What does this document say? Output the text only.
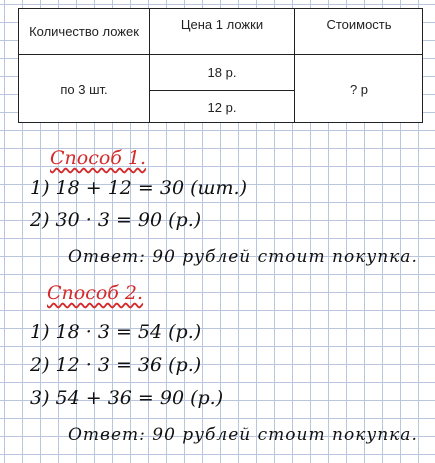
Количество ложек	Цена 1 ложки	Стоимость
по 3 шт.
18 р.
12 р.
? р
Способ 1.
1) 18 + 12 = 30 (шт.)
2) 30 · 3 = 90 (р.)
Ответ: 90 рублей стоит покупка.
Способ 2.
1) 18 · 3 = 54 (р.)
2) 12 · 3 = 36 (р.)
3) 54 + 36 = 90 (р.)
Ответ: 90 рублей стоит покупка.
